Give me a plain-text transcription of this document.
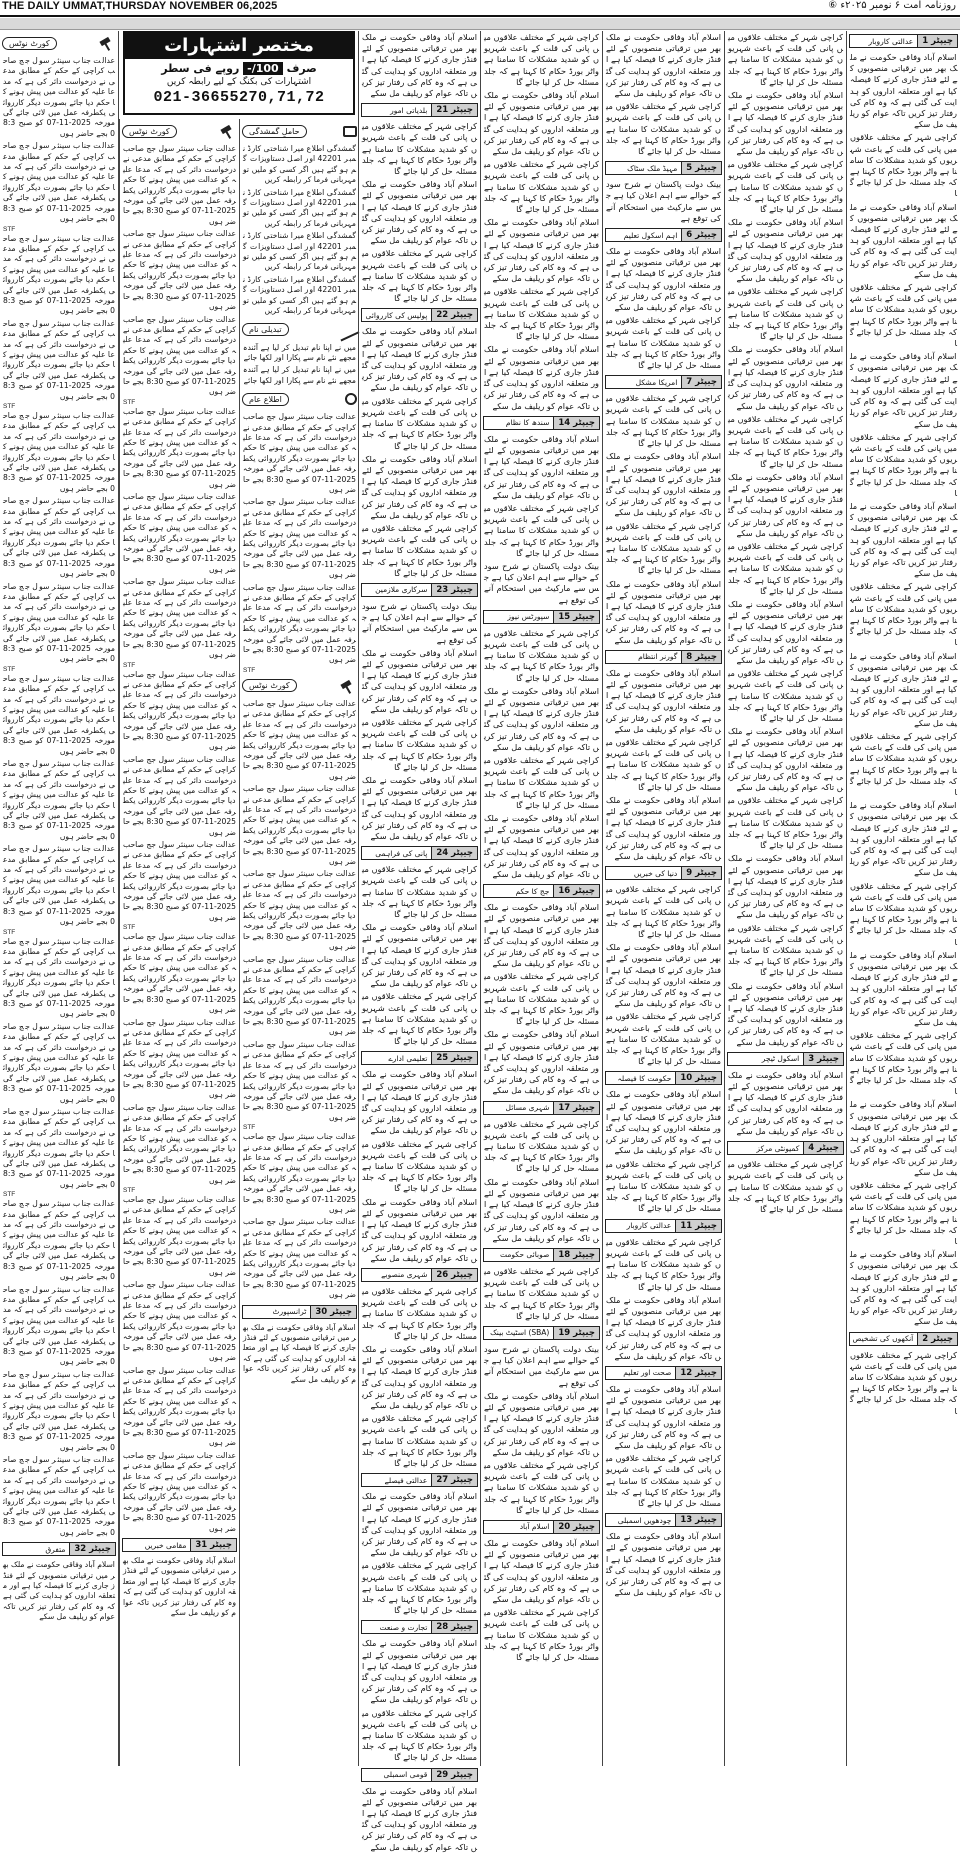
THE DAILY UMMAT,THURSDAY NOVEMBER 06,2025	روزنامہ امت ۶ نومبر ۲۰۲۵ء ⑥
کورٹ نوٹس
عدالت جناب سینئر سول جج صاحب کراچی کے حکم کے مطابق مدعی نے درخواست دائر کی ہے کہ مدعا علیہ کو عدالت میں پیش ہونے کا حکم دیا جائے بصورت دیگر کارروائی یکطرفہ عمل میں لائی جائے گی مورخہ 2025-11-07 کو صبح 8:30 بجے حاضر ہوں
عدالت جناب سینئر سول جج صاحب کراچی کے حکم کے مطابق مدعی نے درخواست دائر کی ہے کہ مدعا علیہ کو عدالت میں پیش ہونے کا حکم دیا جائے بصورت دیگر کارروائی یکطرفہ عمل میں لائی جائے گی مورخہ 2025-11-07 کو صبح 8:30 بجے حاضر ہوں
STF
عدالت جناب سینئر سول جج صاحب کراچی کے حکم کے مطابق مدعی نے درخواست دائر کی ہے کہ مدعا علیہ کو عدالت میں پیش ہونے کا حکم دیا جائے بصورت دیگر کارروائی یکطرفہ عمل میں لائی جائے گی مورخہ 2025-11-07 کو صبح 8:30 بجے حاضر ہوں
عدالت جناب سینئر سول جج صاحب کراچی کے حکم کے مطابق مدعی نے درخواست دائر کی ہے کہ مدعا علیہ کو عدالت میں پیش ہونے کا حکم دیا جائے بصورت دیگر کارروائی یکطرفہ عمل میں لائی جائے گی مورخہ 2025-11-07 کو صبح 8:30 بجے حاضر ہوں
STF
عدالت جناب سینئر سول جج صاحب کراچی کے حکم کے مطابق مدعی نے درخواست دائر کی ہے کہ مدعا علیہ کو عدالت میں پیش ہونے کا حکم دیا جائے بصورت دیگر کارروائی یکطرفہ عمل میں لائی جائے گی مورخہ 2025-11-07 کو صبح 8:30 بجے حاضر ہوں
عدالت جناب سینئر سول جج صاحب کراچی کے حکم کے مطابق مدعی نے درخواست دائر کی ہے کہ مدعا علیہ کو عدالت میں پیش ہونے کا حکم دیا جائے بصورت دیگر کارروائی یکطرفہ عمل میں لائی جائے گی مورخہ 2025-11-07 کو صبح 8:30 بجے حاضر ہوں
عدالت جناب سینئر سول جج صاحب کراچی کے حکم کے مطابق مدعی نے درخواست دائر کی ہے کہ مدعا علیہ کو عدالت میں پیش ہونے کا حکم دیا جائے بصورت دیگر کارروائی یکطرفہ عمل میں لائی جائے گی مورخہ 2025-11-07 کو صبح 8:30 بجے حاضر ہوں
STF
عدالت جناب سینئر سول جج صاحب کراچی کے حکم کے مطابق مدعی نے درخواست دائر کی ہے کہ مدعا علیہ کو عدالت میں پیش ہونے کا حکم دیا جائے بصورت دیگر کارروائی یکطرفہ عمل میں لائی جائے گی مورخہ 2025-11-07 کو صبح 8:30 بجے حاضر ہوں
عدالت جناب سینئر سول جج صاحب کراچی کے حکم کے مطابق مدعی نے درخواست دائر کی ہے کہ مدعا علیہ کو عدالت میں پیش ہونے کا حکم دیا جائے بصورت دیگر کارروائی یکطرفہ عمل میں لائی جائے گی مورخہ 2025-11-07 کو صبح 8:30 بجے حاضر ہوں
عدالت جناب سینئر سول جج صاحب کراچی کے حکم کے مطابق مدعی نے درخواست دائر کی ہے کہ مدعا علیہ کو عدالت میں پیش ہونے کا حکم دیا جائے بصورت دیگر کارروائی یکطرفہ عمل میں لائی جائے گی مورخہ 2025-11-07 کو صبح 8:30 بجے حاضر ہوں
STF
عدالت جناب سینئر سول جج صاحب کراچی کے حکم کے مطابق مدعی نے درخواست دائر کی ہے کہ مدعا علیہ کو عدالت میں پیش ہونے کا حکم دیا جائے بصورت دیگر کارروائی یکطرفہ عمل میں لائی جائے گی مورخہ 2025-11-07 کو صبح 8:30 بجے حاضر ہوں
عدالت جناب سینئر سول جج صاحب کراچی کے حکم کے مطابق مدعی نے درخواست دائر کی ہے کہ مدعا علیہ کو عدالت میں پیش ہونے کا حکم دیا جائے بصورت دیگر کارروائی یکطرفہ عمل میں لائی جائے گی مورخہ 2025-11-07 کو صبح 8:30 بجے حاضر ہوں
عدالت جناب سینئر سول جج صاحب کراچی کے حکم کے مطابق مدعی نے درخواست دائر کی ہے کہ مدعا علیہ کو عدالت میں پیش ہونے کا حکم دیا جائے بصورت دیگر کارروائی یکطرفہ عمل میں لائی جائے گی مورخہ 2025-11-07 کو صبح 8:30 بجے حاضر ہوں
STF
عدالت جناب سینئر سول جج صاحب کراچی کے حکم کے مطابق مدعی نے درخواست دائر کی ہے کہ مدعا علیہ کو عدالت میں پیش ہونے کا حکم دیا جائے بصورت دیگر کارروائی یکطرفہ عمل میں لائی جائے گی مورخہ 2025-11-07 کو صبح 8:30 بجے حاضر ہوں
عدالت جناب سینئر سول جج صاحب کراچی کے حکم کے مطابق مدعی نے درخواست دائر کی ہے کہ مدعا علیہ کو عدالت میں پیش ہونے کا حکم دیا جائے بصورت دیگر کارروائی یکطرفہ عمل میں لائی جائے گی مورخہ 2025-11-07 کو صبح 8:30 بجے حاضر ہوں
عدالت جناب سینئر سول جج صاحب کراچی کے حکم کے مطابق مدعی نے درخواست دائر کی ہے کہ مدعا علیہ کو عدالت میں پیش ہونے کا حکم دیا جائے بصورت دیگر کارروائی یکطرفہ عمل میں لائی جائے گی مورخہ 2025-11-07 کو صبح 8:30 بجے حاضر ہوں
عدالت جناب سینئر سول جج صاحب کراچی کے حکم کے مطابق مدعی نے درخواست دائر کی ہے کہ مدعا علیہ کو عدالت میں پیش ہونے کا حکم دیا جائے بصورت دیگر کارروائی یکطرفہ عمل میں لائی جائے گی مورخہ 2025-11-07 کو صبح 8:30 بجے حاضر ہوں
چیپٹر 32
متفرق
اسلام آباد وفاقی حکومت نے ملک بھر میں ترقیاتی منصوبوں کے لئے فنڈز جاری کرنے کا فیصلہ کیا ہے اور متعلقہ اداروں کو ہدایت کی گئی ہے کہ وہ کام کی رفتار تیز کریں تاکہ عوام کو ریلیف مل سکے
مختصر اشتہارات
صرف 100/- روپے فی سطر
اشتہارات کی بکنگ کے لیے رابطہ کریں
021-36655270,71,72
کورٹ نوٹس
عدالت جناب سینئر سول جج صاحب کراچی کے حکم کے مطابق مدعی نے درخواست دائر کی ہے کہ مدعا علیہ کو عدالت میں پیش ہونے کا حکم دیا جائے بصورت دیگر کارروائی یکطرفہ عمل میں لائی جائے گی مورخہ 2025-11-07 کو صبح 8:30 بجے حاضر ہوں
عدالت جناب سینئر سول جج صاحب کراچی کے حکم کے مطابق مدعی نے درخواست دائر کی ہے کہ مدعا علیہ کو عدالت میں پیش ہونے کا حکم دیا جائے بصورت دیگر کارروائی یکطرفہ عمل میں لائی جائے گی مورخہ 2025-11-07 کو صبح 8:30 بجے حاضر ہوں
عدالت جناب سینئر سول جج صاحب کراچی کے حکم کے مطابق مدعی نے درخواست دائر کی ہے کہ مدعا علیہ کو عدالت میں پیش ہونے کا حکم دیا جائے بصورت دیگر کارروائی یکطرفہ عمل میں لائی جائے گی مورخہ 2025-11-07 کو صبح 8:30 بجے حاضر ہوں
STF
عدالت جناب سینئر سول جج صاحب کراچی کے حکم کے مطابق مدعی نے درخواست دائر کی ہے کہ مدعا علیہ کو عدالت میں پیش ہونے کا حکم دیا جائے بصورت دیگر کارروائی یکطرفہ عمل میں لائی جائے گی مورخہ 2025-11-07 کو صبح 8:30 بجے حاضر ہوں
عدالت جناب سینئر سول جج صاحب کراچی کے حکم کے مطابق مدعی نے درخواست دائر کی ہے کہ مدعا علیہ کو عدالت میں پیش ہونے کا حکم دیا جائے بصورت دیگر کارروائی یکطرفہ عمل میں لائی جائے گی مورخہ 2025-11-07 کو صبح 8:30 بجے حاضر ہوں
عدالت جناب سینئر سول جج صاحب کراچی کے حکم کے مطابق مدعی نے درخواست دائر کی ہے کہ مدعا علیہ کو عدالت میں پیش ہونے کا حکم دیا جائے بصورت دیگر کارروائی یکطرفہ عمل میں لائی جائے گی مورخہ 2025-11-07 کو صبح 8:30 بجے حاضر ہوں
STF
عدالت جناب سینئر سول جج صاحب کراچی کے حکم کے مطابق مدعی نے درخواست دائر کی ہے کہ مدعا علیہ کو عدالت میں پیش ہونے کا حکم دیا جائے بصورت دیگر کارروائی یکطرفہ عمل میں لائی جائے گی مورخہ 2025-11-07 کو صبح 8:30 بجے حاضر ہوں
عدالت جناب سینئر سول جج صاحب کراچی کے حکم کے مطابق مدعی نے درخواست دائر کی ہے کہ مدعا علیہ کو عدالت میں پیش ہونے کا حکم دیا جائے بصورت دیگر کارروائی یکطرفہ عمل میں لائی جائے گی مورخہ 2025-11-07 کو صبح 8:30 بجے حاضر ہوں
عدالت جناب سینئر سول جج صاحب کراچی کے حکم کے مطابق مدعی نے درخواست دائر کی ہے کہ مدعا علیہ کو عدالت میں پیش ہونے کا حکم دیا جائے بصورت دیگر کارروائی یکطرفہ عمل میں لائی جائے گی مورخہ 2025-11-07 کو صبح 8:30 بجے حاضر ہوں
STF
عدالت جناب سینئر سول جج صاحب کراچی کے حکم کے مطابق مدعی نے درخواست دائر کی ہے کہ مدعا علیہ کو عدالت میں پیش ہونے کا حکم دیا جائے بصورت دیگر کارروائی یکطرفہ عمل میں لائی جائے گی مورخہ 2025-11-07 کو صبح 8:30 بجے حاضر ہوں
عدالت جناب سینئر سول جج صاحب کراچی کے حکم کے مطابق مدعی نے درخواست دائر کی ہے کہ مدعا علیہ کو عدالت میں پیش ہونے کا حکم دیا جائے بصورت دیگر کارروائی یکطرفہ عمل میں لائی جائے گی مورخہ 2025-11-07 کو صبح 8:30 بجے حاضر ہوں
عدالت جناب سینئر سول جج صاحب کراچی کے حکم کے مطابق مدعی نے درخواست دائر کی ہے کہ مدعا علیہ کو عدالت میں پیش ہونے کا حکم دیا جائے بصورت دیگر کارروائی یکطرفہ عمل میں لائی جائے گی مورخہ 2025-11-07 کو صبح 8:30 بجے حاضر ہوں
STF
عدالت جناب سینئر سول جج صاحب کراچی کے حکم کے مطابق مدعی نے درخواست دائر کی ہے کہ مدعا علیہ کو عدالت میں پیش ہونے کا حکم دیا جائے بصورت دیگر کارروائی یکطرفہ عمل میں لائی جائے گی مورخہ 2025-11-07 کو صبح 8:30 بجے حاضر ہوں
عدالت جناب سینئر سول جج صاحب کراچی کے حکم کے مطابق مدعی نے درخواست دائر کی ہے کہ مدعا علیہ کو عدالت میں پیش ہونے کا حکم دیا جائے بصورت دیگر کارروائی یکطرفہ عمل میں لائی جائے گی مورخہ 2025-11-07 کو صبح 8:30 بجے حاضر ہوں
عدالت جناب سینئر سول جج صاحب کراچی کے حکم کے مطابق مدعی نے درخواست دائر کی ہے کہ مدعا علیہ کو عدالت میں پیش ہونے کا حکم دیا جائے بصورت دیگر کارروائی یکطرفہ عمل میں لائی جائے گی مورخہ 2025-11-07 کو صبح 8:30 بجے حاضر ہوں
عدالت جناب سینئر سول جج صاحب کراچی کے حکم کے مطابق مدعی نے درخواست دائر کی ہے کہ مدعا علیہ کو عدالت میں پیش ہونے کا حکم دیا جائے بصورت دیگر کارروائی یکطرفہ عمل میں لائی جائے گی مورخہ 2025-11-07 کو صبح 8:30 بجے حاضر ہوں
چیپٹر 31
مقامی خبریں
اسلام آباد وفاقی حکومت نے ملک بھر میں ترقیاتی منصوبوں کے لئے فنڈز جاری کرنے کا فیصلہ کیا ہے اور متعلقہ اداروں کو ہدایت کی گئی ہے کہ وہ کام کی رفتار تیز کریں تاکہ عوام کو ریلیف مل سکے
حاملِ گمشدگی
گمشدگی اطلاع میرا شناختی کارڈ نمبر 42201 اور اصل دستاویزات گم ہو گئے ہیں اگر کسی کو ملیں تو مہربانی فرما کر رابطہ کریں
گمشدگی اطلاع میرا شناختی کارڈ نمبر 42201 اور اصل دستاویزات گم ہو گئے ہیں اگر کسی کو ملیں تو مہربانی فرما کر رابطہ کریں
گمشدگی اطلاع میرا شناختی کارڈ نمبر 42201 اور اصل دستاویزات گم ہو گئے ہیں اگر کسی کو ملیں تو مہربانی فرما کر رابطہ کریں
گمشدگی اطلاع میرا شناختی کارڈ نمبر 42201 اور اصل دستاویزات گم ہو گئے ہیں اگر کسی کو ملیں تو مہربانی فرما کر رابطہ کریں
تبدیلی نام
میں نے اپنا نام تبدیل کر لیا ہے آئندہ مجھے نئے نام سے پکارا اور لکھا جائے
میں نے اپنا نام تبدیل کر لیا ہے آئندہ مجھے نئے نام سے پکارا اور لکھا جائے
اطلاع عام
عدالت جناب سینئر سول جج صاحب کراچی کے حکم کے مطابق مدعی نے درخواست دائر کی ہے کہ مدعا علیہ کو عدالت میں پیش ہونے کا حکم دیا جائے بصورت دیگر کارروائی یکطرفہ عمل میں لائی جائے گی مورخہ 2025-11-07 کو صبح 8:30 بجے حاضر ہوں
عدالت جناب سینئر سول جج صاحب کراچی کے حکم کے مطابق مدعی نے درخواست دائر کی ہے کہ مدعا علیہ کو عدالت میں پیش ہونے کا حکم دیا جائے بصورت دیگر کارروائی یکطرفہ عمل میں لائی جائے گی مورخہ 2025-11-07 کو صبح 8:30 بجے حاضر ہوں
عدالت جناب سینئر سول جج صاحب کراچی کے حکم کے مطابق مدعی نے درخواست دائر کی ہے کہ مدعا علیہ کو عدالت میں پیش ہونے کا حکم دیا جائے بصورت دیگر کارروائی یکطرفہ عمل میں لائی جائے گی مورخہ 2025-11-07 کو صبح 8:30 بجے حاضر ہوں
STF
کورٹ نوٹس
عدالت جناب سینئر سول جج صاحب کراچی کے حکم کے مطابق مدعی نے درخواست دائر کی ہے کہ مدعا علیہ کو عدالت میں پیش ہونے کا حکم دیا جائے بصورت دیگر کارروائی یکطرفہ عمل میں لائی جائے گی مورخہ 2025-11-07 کو صبح 8:30 بجے حاضر ہوں
عدالت جناب سینئر سول جج صاحب کراچی کے حکم کے مطابق مدعی نے درخواست دائر کی ہے کہ مدعا علیہ کو عدالت میں پیش ہونے کا حکم دیا جائے بصورت دیگر کارروائی یکطرفہ عمل میں لائی جائے گی مورخہ 2025-11-07 کو صبح 8:30 بجے حاضر ہوں
عدالت جناب سینئر سول جج صاحب کراچی کے حکم کے مطابق مدعی نے درخواست دائر کی ہے کہ مدعا علیہ کو عدالت میں پیش ہونے کا حکم دیا جائے بصورت دیگر کارروائی یکطرفہ عمل میں لائی جائے گی مورخہ 2025-11-07 کو صبح 8:30 بجے حاضر ہوں
عدالت جناب سینئر سول جج صاحب کراچی کے حکم کے مطابق مدعی نے درخواست دائر کی ہے کہ مدعا علیہ کو عدالت میں پیش ہونے کا حکم دیا جائے بصورت دیگر کارروائی یکطرفہ عمل میں لائی جائے گی مورخہ 2025-11-07 کو صبح 8:30 بجے حاضر ہوں
عدالت جناب سینئر سول جج صاحب کراچی کے حکم کے مطابق مدعی نے درخواست دائر کی ہے کہ مدعا علیہ کو عدالت میں پیش ہونے کا حکم دیا جائے بصورت دیگر کارروائی یکطرفہ عمل میں لائی جائے گی مورخہ 2025-11-07 کو صبح 8:30 بجے حاضر ہوں
STF
عدالت جناب سینئر سول جج صاحب کراچی کے حکم کے مطابق مدعی نے درخواست دائر کی ہے کہ مدعا علیہ کو عدالت میں پیش ہونے کا حکم دیا جائے بصورت دیگر کارروائی یکطرفہ عمل میں لائی جائے گی مورخہ 2025-11-07 کو صبح 8:30 بجے حاضر ہوں
عدالت جناب سینئر سول جج صاحب کراچی کے حکم کے مطابق مدعی نے درخواست دائر کی ہے کہ مدعا علیہ کو عدالت میں پیش ہونے کا حکم دیا جائے بصورت دیگر کارروائی یکطرفہ عمل میں لائی جائے گی مورخہ 2025-11-07 کو صبح 8:30 بجے حاضر ہوں
چیپٹر 30
ٹرانسپورٹ
اسلام آباد وفاقی حکومت نے ملک بھر میں ترقیاتی منصوبوں کے لئے فنڈز جاری کرنے کا فیصلہ کیا ہے اور متعلقہ اداروں کو ہدایت کی گئی ہے کہ وہ کام کی رفتار تیز کریں تاکہ عوام کو ریلیف مل سکے
اسلام آباد وفاقی حکومت نے ملک بھر میں ترقیاتی منصوبوں کے لئے فنڈز جاری کرنے کا فیصلہ کیا ہے اور متعلقہ اداروں کو ہدایت کی گئی ہے کہ وہ کام کی رفتار تیز کریں تاکہ عوام کو ریلیف مل سکے
چیپٹر 21
بلدیاتی امور
کراچی شہر کے مختلف علاقوں میں پانی کی قلت کے باعث شہریوں کو شدید مشکلات کا سامنا ہے واٹر بورڈ حکام کا کہنا ہے کہ جلد مسئلہ حل کر لیا جائے گا
اسلام آباد وفاقی حکومت نے ملک بھر میں ترقیاتی منصوبوں کے لئے فنڈز جاری کرنے کا فیصلہ کیا ہے اور متعلقہ اداروں کو ہدایت کی گئی ہے کہ وہ کام کی رفتار تیز کریں تاکہ عوام کو ریلیف مل سکے
کراچی شہر کے مختلف علاقوں میں پانی کی قلت کے باعث شہریوں کو شدید مشکلات کا سامنا ہے واٹر بورڈ حکام کا کہنا ہے کہ جلد مسئلہ حل کر لیا جائے گا
چیپٹر 22
پولیس کی کارروائی
اسلام آباد وفاقی حکومت نے ملک بھر میں ترقیاتی منصوبوں کے لئے فنڈز جاری کرنے کا فیصلہ کیا ہے اور متعلقہ اداروں کو ہدایت کی گئی ہے کہ وہ کام کی رفتار تیز کریں تاکہ عوام کو ریلیف مل سکے
کراچی شہر کے مختلف علاقوں میں پانی کی قلت کے باعث شہریوں کو شدید مشکلات کا سامنا ہے واٹر بورڈ حکام کا کہنا ہے کہ جلد مسئلہ حل کر لیا جائے گا
اسلام آباد وفاقی حکومت نے ملک بھر میں ترقیاتی منصوبوں کے لئے فنڈز جاری کرنے کا فیصلہ کیا ہے اور متعلقہ اداروں کو ہدایت کی گئی ہے کہ وہ کام کی رفتار تیز کریں تاکہ عوام کو ریلیف مل سکے
کراچی شہر کے مختلف علاقوں میں پانی کی قلت کے باعث شہریوں کو شدید مشکلات کا سامنا ہے واٹر بورڈ حکام کا کہنا ہے کہ جلد مسئلہ حل کر لیا جائے گا
چیپٹر 23
سرکاری ملازمین
بینک دولت پاکستان نے شرح سود کے حوالے سے اہم اعلان کیا ہے جس سے مارکیٹ میں استحکام آنے کی توقع ہے
اسلام آباد وفاقی حکومت نے ملک بھر میں ترقیاتی منصوبوں کے لئے فنڈز جاری کرنے کا فیصلہ کیا ہے اور متعلقہ اداروں کو ہدایت کی گئی ہے کہ وہ کام کی رفتار تیز کریں تاکہ عوام کو ریلیف مل سکے
کراچی شہر کے مختلف علاقوں میں پانی کی قلت کے باعث شہریوں کو شدید مشکلات کا سامنا ہے واٹر بورڈ حکام کا کہنا ہے کہ جلد مسئلہ حل کر لیا جائے گا
اسلام آباد وفاقی حکومت نے ملک بھر میں ترقیاتی منصوبوں کے لئے فنڈز جاری کرنے کا فیصلہ کیا ہے اور متعلقہ اداروں کو ہدایت کی گئی ہے کہ وہ کام کی رفتار تیز کریں تاکہ عوام کو ریلیف مل سکے
چیپٹر 24
پانی کی فراہمی
کراچی شہر کے مختلف علاقوں میں پانی کی قلت کے باعث شہریوں کو شدید مشکلات کا سامنا ہے واٹر بورڈ حکام کا کہنا ہے کہ جلد مسئلہ حل کر لیا جائے گا
اسلام آباد وفاقی حکومت نے ملک بھر میں ترقیاتی منصوبوں کے لئے فنڈز جاری کرنے کا فیصلہ کیا ہے اور متعلقہ اداروں کو ہدایت کی گئی ہے کہ وہ کام کی رفتار تیز کریں تاکہ عوام کو ریلیف مل سکے
کراچی شہر کے مختلف علاقوں میں پانی کی قلت کے باعث شہریوں کو شدید مشکلات کا سامنا ہے واٹر بورڈ حکام کا کہنا ہے کہ جلد مسئلہ حل کر لیا جائے گا
چیپٹر 25
تعلیمی ادارے
اسلام آباد وفاقی حکومت نے ملک بھر میں ترقیاتی منصوبوں کے لئے فنڈز جاری کرنے کا فیصلہ کیا ہے اور متعلقہ اداروں کو ہدایت کی گئی ہے کہ وہ کام کی رفتار تیز کریں تاکہ عوام کو ریلیف مل سکے
کراچی شہر کے مختلف علاقوں میں پانی کی قلت کے باعث شہریوں کو شدید مشکلات کا سامنا ہے واٹر بورڈ حکام کا کہنا ہے کہ جلد مسئلہ حل کر لیا جائے گا
اسلام آباد وفاقی حکومت نے ملک بھر میں ترقیاتی منصوبوں کے لئے فنڈز جاری کرنے کا فیصلہ کیا ہے اور متعلقہ اداروں کو ہدایت کی گئی ہے کہ وہ کام کی رفتار تیز کریں تاکہ عوام کو ریلیف مل سکے
چیپٹر 26
شہری منصوبے
کراچی شہر کے مختلف علاقوں میں پانی کی قلت کے باعث شہریوں کو شدید مشکلات کا سامنا ہے واٹر بورڈ حکام کا کہنا ہے کہ جلد مسئلہ حل کر لیا جائے گا
اسلام آباد وفاقی حکومت نے ملک بھر میں ترقیاتی منصوبوں کے لئے فنڈز جاری کرنے کا فیصلہ کیا ہے اور متعلقہ اداروں کو ہدایت کی گئی ہے کہ وہ کام کی رفتار تیز کریں تاکہ عوام کو ریلیف مل سکے
کراچی شہر کے مختلف علاقوں میں پانی کی قلت کے باعث شہریوں کو شدید مشکلات کا سامنا ہے واٹر بورڈ حکام کا کہنا ہے کہ جلد مسئلہ حل کر لیا جائے گا
چیپٹر 27
عدالتی فیصلے
اسلام آباد وفاقی حکومت نے ملک بھر میں ترقیاتی منصوبوں کے لئے فنڈز جاری کرنے کا فیصلہ کیا ہے اور متعلقہ اداروں کو ہدایت کی گئی ہے کہ وہ کام کی رفتار تیز کریں تاکہ عوام کو ریلیف مل سکے
کراچی شہر کے مختلف علاقوں میں پانی کی قلت کے باعث شہریوں کو شدید مشکلات کا سامنا ہے واٹر بورڈ حکام کا کہنا ہے کہ جلد مسئلہ حل کر لیا جائے گا
چیپٹر 28
تجارت و صنعت
اسلام آباد وفاقی حکومت نے ملک بھر میں ترقیاتی منصوبوں کے لئے فنڈز جاری کرنے کا فیصلہ کیا ہے اور متعلقہ اداروں کو ہدایت کی گئی ہے کہ وہ کام کی رفتار تیز کریں تاکہ عوام کو ریلیف مل سکے
کراچی شہر کے مختلف علاقوں میں پانی کی قلت کے باعث شہریوں کو شدید مشکلات کا سامنا ہے واٹر بورڈ حکام کا کہنا ہے کہ جلد مسئلہ حل کر لیا جائے گا
چیپٹر 29
قومی اسمبلی
اسلام آباد وفاقی حکومت نے ملک بھر میں ترقیاتی منصوبوں کے لئے فنڈز جاری کرنے کا فیصلہ کیا ہے اور متعلقہ اداروں کو ہدایت کی گئی ہے کہ وہ کام کی رفتار تیز کریں تاکہ عوام کو ریلیف مل سکے
کراچی شہر کے مختلف علاقوں میں پانی کی قلت کے باعث شہریوں کو شدید مشکلات کا سامنا ہے واٹر بورڈ حکام کا کہنا ہے کہ جلد مسئلہ حل کر لیا جائے گا
اسلام آباد وفاقی حکومت نے ملک بھر میں ترقیاتی منصوبوں کے لئے فنڈز جاری کرنے کا فیصلہ کیا ہے اور متعلقہ اداروں کو ہدایت کی گئی ہے کہ وہ کام کی رفتار تیز کریں تاکہ عوام کو ریلیف مل سکے
کراچی شہر کے مختلف علاقوں میں پانی کی قلت کے باعث شہریوں کو شدید مشکلات کا سامنا ہے واٹر بورڈ حکام کا کہنا ہے کہ جلد مسئلہ حل کر لیا جائے گا
اسلام آباد وفاقی حکومت نے ملک بھر میں ترقیاتی منصوبوں کے لئے فنڈز جاری کرنے کا فیصلہ کیا ہے اور متعلقہ اداروں کو ہدایت کی گئی ہے کہ وہ کام کی رفتار تیز کریں تاکہ عوام کو ریلیف مل سکے
کراچی شہر کے مختلف علاقوں میں پانی کی قلت کے باعث شہریوں کو شدید مشکلات کا سامنا ہے واٹر بورڈ حکام کا کہنا ہے کہ جلد مسئلہ حل کر لیا جائے گا
اسلام آباد وفاقی حکومت نے ملک بھر میں ترقیاتی منصوبوں کے لئے فنڈز جاری کرنے کا فیصلہ کیا ہے اور متعلقہ اداروں کو ہدایت کی گئی ہے کہ وہ کام کی رفتار تیز کریں تاکہ عوام کو ریلیف مل سکے
چیپٹر 14
سندھ کا نظام
اسلام آباد وفاقی حکومت نے ملک بھر میں ترقیاتی منصوبوں کے لئے فنڈز جاری کرنے کا فیصلہ کیا ہے اور متعلقہ اداروں کو ہدایت کی گئی ہے کہ وہ کام کی رفتار تیز کریں تاکہ عوام کو ریلیف مل سکے
کراچی شہر کے مختلف علاقوں میں پانی کی قلت کے باعث شہریوں کو شدید مشکلات کا سامنا ہے واٹر بورڈ حکام کا کہنا ہے کہ جلد مسئلہ حل کر لیا جائے گا
بینک دولت پاکستان نے شرح سود کے حوالے سے اہم اعلان کیا ہے جس سے مارکیٹ میں استحکام آنے کی توقع ہے
چیپٹر 15
سپورٹس نیوز
کراچی شہر کے مختلف علاقوں میں پانی کی قلت کے باعث شہریوں کو شدید مشکلات کا سامنا ہے واٹر بورڈ حکام کا کہنا ہے کہ جلد مسئلہ حل کر لیا جائے گا
اسلام آباد وفاقی حکومت نے ملک بھر میں ترقیاتی منصوبوں کے لئے فنڈز جاری کرنے کا فیصلہ کیا ہے اور متعلقہ اداروں کو ہدایت کی گئی ہے کہ وہ کام کی رفتار تیز کریں تاکہ عوام کو ریلیف مل سکے
کراچی شہر کے مختلف علاقوں میں پانی کی قلت کے باعث شہریوں کو شدید مشکلات کا سامنا ہے واٹر بورڈ حکام کا کہنا ہے کہ جلد مسئلہ حل کر لیا جائے گا
اسلام آباد وفاقی حکومت نے ملک بھر میں ترقیاتی منصوبوں کے لئے فنڈز جاری کرنے کا فیصلہ کیا ہے اور متعلقہ اداروں کو ہدایت کی گئی ہے کہ وہ کام کی رفتار تیز کریں تاکہ عوام کو ریلیف مل سکے
چیپٹر 16
جج کا حکم
اسلام آباد وفاقی حکومت نے ملک بھر میں ترقیاتی منصوبوں کے لئے فنڈز جاری کرنے کا فیصلہ کیا ہے اور متعلقہ اداروں کو ہدایت کی گئی ہے کہ وہ کام کی رفتار تیز کریں تاکہ عوام کو ریلیف مل سکے
کراچی شہر کے مختلف علاقوں میں پانی کی قلت کے باعث شہریوں کو شدید مشکلات کا سامنا ہے واٹر بورڈ حکام کا کہنا ہے کہ جلد مسئلہ حل کر لیا جائے گا
اسلام آباد وفاقی حکومت نے ملک بھر میں ترقیاتی منصوبوں کے لئے فنڈز جاری کرنے کا فیصلہ کیا ہے اور متعلقہ اداروں کو ہدایت کی گئی ہے کہ وہ کام کی رفتار تیز کریں تاکہ عوام کو ریلیف مل سکے
چیپٹر 17
شہری مسائل
کراچی شہر کے مختلف علاقوں میں پانی کی قلت کے باعث شہریوں کو شدید مشکلات کا سامنا ہے واٹر بورڈ حکام کا کہنا ہے کہ جلد مسئلہ حل کر لیا جائے گا
اسلام آباد وفاقی حکومت نے ملک بھر میں ترقیاتی منصوبوں کے لئے فنڈز جاری کرنے کا فیصلہ کیا ہے اور متعلقہ اداروں کو ہدایت کی گئی ہے کہ وہ کام کی رفتار تیز کریں تاکہ عوام کو ریلیف مل سکے
چیپٹر 18
صوبائی حکومت
کراچی شہر کے مختلف علاقوں میں پانی کی قلت کے باعث شہریوں کو شدید مشکلات کا سامنا ہے واٹر بورڈ حکام کا کہنا ہے کہ جلد مسئلہ حل کر لیا جائے گا
چیپٹر 19
(SBA) اسٹیٹ بینک
بینک دولت پاکستان نے شرح سود کے حوالے سے اہم اعلان کیا ہے جس سے مارکیٹ میں استحکام آنے کی توقع ہے
اسلام آباد وفاقی حکومت نے ملک بھر میں ترقیاتی منصوبوں کے لئے فنڈز جاری کرنے کا فیصلہ کیا ہے اور متعلقہ اداروں کو ہدایت کی گئی ہے کہ وہ کام کی رفتار تیز کریں تاکہ عوام کو ریلیف مل سکے
کراچی شہر کے مختلف علاقوں میں پانی کی قلت کے باعث شہریوں کو شدید مشکلات کا سامنا ہے واٹر بورڈ حکام کا کہنا ہے کہ جلد مسئلہ حل کر لیا جائے گا
چیپٹر 20
اسلام آباد
اسلام آباد وفاقی حکومت نے ملک بھر میں ترقیاتی منصوبوں کے لئے فنڈز جاری کرنے کا فیصلہ کیا ہے اور متعلقہ اداروں کو ہدایت کی گئی ہے کہ وہ کام کی رفتار تیز کریں تاکہ عوام کو ریلیف مل سکے
کراچی شہر کے مختلف علاقوں میں پانی کی قلت کے باعث شہریوں کو شدید مشکلات کا سامنا ہے واٹر بورڈ حکام کا کہنا ہے کہ جلد مسئلہ حل کر لیا جائے گا
اسلام آباد وفاقی حکومت نے ملک بھر میں ترقیاتی منصوبوں کے لئے فنڈز جاری کرنے کا فیصلہ کیا ہے اور متعلقہ اداروں کو ہدایت کی گئی ہے کہ وہ کام کی رفتار تیز کریں تاکہ عوام کو ریلیف مل سکے
کراچی شہر کے مختلف علاقوں میں پانی کی قلت کے باعث شہریوں کو شدید مشکلات کا سامنا ہے واٹر بورڈ حکام کا کہنا ہے کہ جلد مسئلہ حل کر لیا جائے گا
چیپٹر 5
مہیڈ ملک سٹاک
بینک دولت پاکستان نے شرح سود کے حوالے سے اہم اعلان کیا ہے جس سے مارکیٹ میں استحکام آنے کی توقع ہے
چیپٹر 6
اہم اسکول تعلیم
اسلام آباد وفاقی حکومت نے ملک بھر میں ترقیاتی منصوبوں کے لئے فنڈز جاری کرنے کا فیصلہ کیا ہے اور متعلقہ اداروں کو ہدایت کی گئی ہے کہ وہ کام کی رفتار تیز کریں تاکہ عوام کو ریلیف مل سکے
کراچی شہر کے مختلف علاقوں میں پانی کی قلت کے باعث شہریوں کو شدید مشکلات کا سامنا ہے واٹر بورڈ حکام کا کہنا ہے کہ جلد مسئلہ حل کر لیا جائے گا
چیپٹر 7
امریکا مشکل
کراچی شہر کے مختلف علاقوں میں پانی کی قلت کے باعث شہریوں کو شدید مشکلات کا سامنا ہے واٹر بورڈ حکام کا کہنا ہے کہ جلد مسئلہ حل کر لیا جائے گا
اسلام آباد وفاقی حکومت نے ملک بھر میں ترقیاتی منصوبوں کے لئے فنڈز جاری کرنے کا فیصلہ کیا ہے اور متعلقہ اداروں کو ہدایت کی گئی ہے کہ وہ کام کی رفتار تیز کریں تاکہ عوام کو ریلیف مل سکے
کراچی شہر کے مختلف علاقوں میں پانی کی قلت کے باعث شہریوں کو شدید مشکلات کا سامنا ہے واٹر بورڈ حکام کا کہنا ہے کہ جلد مسئلہ حل کر لیا جائے گا
اسلام آباد وفاقی حکومت نے ملک بھر میں ترقیاتی منصوبوں کے لئے فنڈز جاری کرنے کا فیصلہ کیا ہے اور متعلقہ اداروں کو ہدایت کی گئی ہے کہ وہ کام کی رفتار تیز کریں تاکہ عوام کو ریلیف مل سکے
چیپٹر 8
گورنر انتظام
اسلام آباد وفاقی حکومت نے ملک بھر میں ترقیاتی منصوبوں کے لئے فنڈز جاری کرنے کا فیصلہ کیا ہے اور متعلقہ اداروں کو ہدایت کی گئی ہے کہ وہ کام کی رفتار تیز کریں تاکہ عوام کو ریلیف مل سکے
کراچی شہر کے مختلف علاقوں میں پانی کی قلت کے باعث شہریوں کو شدید مشکلات کا سامنا ہے واٹر بورڈ حکام کا کہنا ہے کہ جلد مسئلہ حل کر لیا جائے گا
اسلام آباد وفاقی حکومت نے ملک بھر میں ترقیاتی منصوبوں کے لئے فنڈز جاری کرنے کا فیصلہ کیا ہے اور متعلقہ اداروں کو ہدایت کی گئی ہے کہ وہ کام کی رفتار تیز کریں تاکہ عوام کو ریلیف مل سکے
چیپٹر 9
دنیا کی خبریں
کراچی شہر کے مختلف علاقوں میں پانی کی قلت کے باعث شہریوں کو شدید مشکلات کا سامنا ہے واٹر بورڈ حکام کا کہنا ہے کہ جلد مسئلہ حل کر لیا جائے گا
اسلام آباد وفاقی حکومت نے ملک بھر میں ترقیاتی منصوبوں کے لئے فنڈز جاری کرنے کا فیصلہ کیا ہے اور متعلقہ اداروں کو ہدایت کی گئی ہے کہ وہ کام کی رفتار تیز کریں تاکہ عوام کو ریلیف مل سکے
کراچی شہر کے مختلف علاقوں میں پانی کی قلت کے باعث شہریوں کو شدید مشکلات کا سامنا ہے واٹر بورڈ حکام کا کہنا ہے کہ جلد مسئلہ حل کر لیا جائے گا
چیپٹر 10
حکومت کا فیصلہ
اسلام آباد وفاقی حکومت نے ملک بھر میں ترقیاتی منصوبوں کے لئے فنڈز جاری کرنے کا فیصلہ کیا ہے اور متعلقہ اداروں کو ہدایت کی گئی ہے کہ وہ کام کی رفتار تیز کریں تاکہ عوام کو ریلیف مل سکے
کراچی شہر کے مختلف علاقوں میں پانی کی قلت کے باعث شہریوں کو شدید مشکلات کا سامنا ہے واٹر بورڈ حکام کا کہنا ہے کہ جلد مسئلہ حل کر لیا جائے گا
چیپٹر 11
عدالتی کاروبار
کراچی شہر کے مختلف علاقوں میں پانی کی قلت کے باعث شہریوں کو شدید مشکلات کا سامنا ہے واٹر بورڈ حکام کا کہنا ہے کہ جلد مسئلہ حل کر لیا جائے گا
اسلام آباد وفاقی حکومت نے ملک بھر میں ترقیاتی منصوبوں کے لئے فنڈز جاری کرنے کا فیصلہ کیا ہے اور متعلقہ اداروں کو ہدایت کی گئی ہے کہ وہ کام کی رفتار تیز کریں تاکہ عوام کو ریلیف مل سکے
چیپٹر 12
صحت اور تعلیم
اسلام آباد وفاقی حکومت نے ملک بھر میں ترقیاتی منصوبوں کے لئے فنڈز جاری کرنے کا فیصلہ کیا ہے اور متعلقہ اداروں کو ہدایت کی گئی ہے کہ وہ کام کی رفتار تیز کریں تاکہ عوام کو ریلیف مل سکے
کراچی شہر کے مختلف علاقوں میں پانی کی قلت کے باعث شہریوں کو شدید مشکلات کا سامنا ہے واٹر بورڈ حکام کا کہنا ہے کہ جلد مسئلہ حل کر لیا جائے گا
چیپٹر 13
چودھویں اسمبلی
اسلام آباد وفاقی حکومت نے ملک بھر میں ترقیاتی منصوبوں کے لئے فنڈز جاری کرنے کا فیصلہ کیا ہے اور متعلقہ اداروں کو ہدایت کی گئی ہے کہ وہ کام کی رفتار تیز کریں تاکہ عوام کو ریلیف مل سکے
کراچی شہر کے مختلف علاقوں میں پانی کی قلت کے باعث شہریوں کو شدید مشکلات کا سامنا ہے واٹر بورڈ حکام کا کہنا ہے کہ جلد مسئلہ حل کر لیا جائے گا
اسلام آباد وفاقی حکومت نے ملک بھر میں ترقیاتی منصوبوں کے لئے فنڈز جاری کرنے کا فیصلہ کیا ہے اور متعلقہ اداروں کو ہدایت کی گئی ہے کہ وہ کام کی رفتار تیز کریں تاکہ عوام کو ریلیف مل سکے
کراچی شہر کے مختلف علاقوں میں پانی کی قلت کے باعث شہریوں کو شدید مشکلات کا سامنا ہے واٹر بورڈ حکام کا کہنا ہے کہ جلد مسئلہ حل کر لیا جائے گا
اسلام آباد وفاقی حکومت نے ملک بھر میں ترقیاتی منصوبوں کے لئے فنڈز جاری کرنے کا فیصلہ کیا ہے اور متعلقہ اداروں کو ہدایت کی گئی ہے کہ وہ کام کی رفتار تیز کریں تاکہ عوام کو ریلیف مل سکے
کراچی شہر کے مختلف علاقوں میں پانی کی قلت کے باعث شہریوں کو شدید مشکلات کا سامنا ہے واٹر بورڈ حکام کا کہنا ہے کہ جلد مسئلہ حل کر لیا جائے گا
اسلام آباد وفاقی حکومت نے ملک بھر میں ترقیاتی منصوبوں کے لئے فنڈز جاری کرنے کا فیصلہ کیا ہے اور متعلقہ اداروں کو ہدایت کی گئی ہے کہ وہ کام کی رفتار تیز کریں تاکہ عوام کو ریلیف مل سکے
کراچی شہر کے مختلف علاقوں میں پانی کی قلت کے باعث شہریوں کو شدید مشکلات کا سامنا ہے واٹر بورڈ حکام کا کہنا ہے کہ جلد مسئلہ حل کر لیا جائے گا
اسلام آباد وفاقی حکومت نے ملک بھر میں ترقیاتی منصوبوں کے لئے فنڈز جاری کرنے کا فیصلہ کیا ہے اور متعلقہ اداروں کو ہدایت کی گئی ہے کہ وہ کام کی رفتار تیز کریں تاکہ عوام کو ریلیف مل سکے
کراچی شہر کے مختلف علاقوں میں پانی کی قلت کے باعث شہریوں کو شدید مشکلات کا سامنا ہے واٹر بورڈ حکام کا کہنا ہے کہ جلد مسئلہ حل کر لیا جائے گا
اسلام آباد وفاقی حکومت نے ملک بھر میں ترقیاتی منصوبوں کے لئے فنڈز جاری کرنے کا فیصلہ کیا ہے اور متعلقہ اداروں کو ہدایت کی گئی ہے کہ وہ کام کی رفتار تیز کریں تاکہ عوام کو ریلیف مل سکے
کراچی شہر کے مختلف علاقوں میں پانی کی قلت کے باعث شہریوں کو شدید مشکلات کا سامنا ہے واٹر بورڈ حکام کا کہنا ہے کہ جلد مسئلہ حل کر لیا جائے گا
اسلام آباد وفاقی حکومت نے ملک بھر میں ترقیاتی منصوبوں کے لئے فنڈز جاری کرنے کا فیصلہ کیا ہے اور متعلقہ اداروں کو ہدایت کی گئی ہے کہ وہ کام کی رفتار تیز کریں تاکہ عوام کو ریلیف مل سکے
کراچی شہر کے مختلف علاقوں میں پانی کی قلت کے باعث شہریوں کو شدید مشکلات کا سامنا ہے واٹر بورڈ حکام کا کہنا ہے کہ جلد مسئلہ حل کر لیا جائے گا
اسلام آباد وفاقی حکومت نے ملک بھر میں ترقیاتی منصوبوں کے لئے فنڈز جاری کرنے کا فیصلہ کیا ہے اور متعلقہ اداروں کو ہدایت کی گئی ہے کہ وہ کام کی رفتار تیز کریں تاکہ عوام کو ریلیف مل سکے
کراچی شہر کے مختلف علاقوں میں پانی کی قلت کے باعث شہریوں کو شدید مشکلات کا سامنا ہے واٹر بورڈ حکام کا کہنا ہے کہ جلد مسئلہ حل کر لیا جائے گا
اسلام آباد وفاقی حکومت نے ملک بھر میں ترقیاتی منصوبوں کے لئے فنڈز جاری کرنے کا فیصلہ کیا ہے اور متعلقہ اداروں کو ہدایت کی گئی ہے کہ وہ کام کی رفتار تیز کریں تاکہ عوام کو ریلیف مل سکے
چیپٹر 3
اسکول ٹیچر
اسلام آباد وفاقی حکومت نے ملک بھر میں ترقیاتی منصوبوں کے لئے فنڈز جاری کرنے کا فیصلہ کیا ہے اور متعلقہ اداروں کو ہدایت کی گئی ہے کہ وہ کام کی رفتار تیز کریں تاکہ عوام کو ریلیف مل سکے
چیپٹر 4
کمیونٹی مرکز
کراچی شہر کے مختلف علاقوں میں پانی کی قلت کے باعث شہریوں کو شدید مشکلات کا سامنا ہے واٹر بورڈ حکام کا کہنا ہے کہ جلد مسئلہ حل کر لیا جائے گا
چیپٹر 1
عدالتی کاروبار
اسلام آباد وفاقی حکومت نے ملک بھر میں ترقیاتی منصوبوں کے لئے فنڈز جاری کرنے کا فیصلہ کیا ہے اور متعلقہ اداروں کو ہدایت کی گئی ہے کہ وہ کام کی رفتار تیز کریں تاکہ عوام کو ریلیف مل سکے
کراچی شہر کے مختلف علاقوں میں پانی کی قلت کے باعث شہریوں کو شدید مشکلات کا سامنا ہے واٹر بورڈ حکام کا کہنا ہے کہ جلد مسئلہ حل کر لیا جائے گا
اسلام آباد وفاقی حکومت نے ملک بھر میں ترقیاتی منصوبوں کے لئے فنڈز جاری کرنے کا فیصلہ کیا ہے اور متعلقہ اداروں کو ہدایت کی گئی ہے کہ وہ کام کی رفتار تیز کریں تاکہ عوام کو ریلیف مل سکے
کراچی شہر کے مختلف علاقوں میں پانی کی قلت کے باعث شہریوں کو شدید مشکلات کا سامنا ہے واٹر بورڈ حکام کا کہنا ہے کہ جلد مسئلہ حل کر لیا جائے گا
اسلام آباد وفاقی حکومت نے ملک بھر میں ترقیاتی منصوبوں کے لئے فنڈز جاری کرنے کا فیصلہ کیا ہے اور متعلقہ اداروں کو ہدایت کی گئی ہے کہ وہ کام کی رفتار تیز کریں تاکہ عوام کو ریلیف مل سکے
کراچی شہر کے مختلف علاقوں میں پانی کی قلت کے باعث شہریوں کو شدید مشکلات کا سامنا ہے واٹر بورڈ حکام کا کہنا ہے کہ جلد مسئلہ حل کر لیا جائے گا
اسلام آباد وفاقی حکومت نے ملک بھر میں ترقیاتی منصوبوں کے لئے فنڈز جاری کرنے کا فیصلہ کیا ہے اور متعلقہ اداروں کو ہدایت کی گئی ہے کہ وہ کام کی رفتار تیز کریں تاکہ عوام کو ریلیف مل سکے
کراچی شہر کے مختلف علاقوں میں پانی کی قلت کے باعث شہریوں کو شدید مشکلات کا سامنا ہے واٹر بورڈ حکام کا کہنا ہے کہ جلد مسئلہ حل کر لیا جائے گا
اسلام آباد وفاقی حکومت نے ملک بھر میں ترقیاتی منصوبوں کے لئے فنڈز جاری کرنے کا فیصلہ کیا ہے اور متعلقہ اداروں کو ہدایت کی گئی ہے کہ وہ کام کی رفتار تیز کریں تاکہ عوام کو ریلیف مل سکے
کراچی شہر کے مختلف علاقوں میں پانی کی قلت کے باعث شہریوں کو شدید مشکلات کا سامنا ہے واٹر بورڈ حکام کا کہنا ہے کہ جلد مسئلہ حل کر لیا جائے گا
اسلام آباد وفاقی حکومت نے ملک بھر میں ترقیاتی منصوبوں کے لئے فنڈز جاری کرنے کا فیصلہ کیا ہے اور متعلقہ اداروں کو ہدایت کی گئی ہے کہ وہ کام کی رفتار تیز کریں تاکہ عوام کو ریلیف مل سکے
کراچی شہر کے مختلف علاقوں میں پانی کی قلت کے باعث شہریوں کو شدید مشکلات کا سامنا ہے واٹر بورڈ حکام کا کہنا ہے کہ جلد مسئلہ حل کر لیا جائے گا
اسلام آباد وفاقی حکومت نے ملک بھر میں ترقیاتی منصوبوں کے لئے فنڈز جاری کرنے کا فیصلہ کیا ہے اور متعلقہ اداروں کو ہدایت کی گئی ہے کہ وہ کام کی رفتار تیز کریں تاکہ عوام کو ریلیف مل سکے
کراچی شہر کے مختلف علاقوں میں پانی کی قلت کے باعث شہریوں کو شدید مشکلات کا سامنا ہے واٹر بورڈ حکام کا کہنا ہے کہ جلد مسئلہ حل کر لیا جائے گا
اسلام آباد وفاقی حکومت نے ملک بھر میں ترقیاتی منصوبوں کے لئے فنڈز جاری کرنے کا فیصلہ کیا ہے اور متعلقہ اداروں کو ہدایت کی گئی ہے کہ وہ کام کی رفتار تیز کریں تاکہ عوام کو ریلیف مل سکے
کراچی شہر کے مختلف علاقوں میں پانی کی قلت کے باعث شہریوں کو شدید مشکلات کا سامنا ہے واٹر بورڈ حکام کا کہنا ہے کہ جلد مسئلہ حل کر لیا جائے گا
اسلام آباد وفاقی حکومت نے ملک بھر میں ترقیاتی منصوبوں کے لئے فنڈز جاری کرنے کا فیصلہ کیا ہے اور متعلقہ اداروں کو ہدایت کی گئی ہے کہ وہ کام کی رفتار تیز کریں تاکہ عوام کو ریلیف مل سکے
چیپٹر 2
آنکھوں کی تشخیص
کراچی شہر کے مختلف علاقوں میں پانی کی قلت کے باعث شہریوں کو شدید مشکلات کا سامنا ہے واٹر بورڈ حکام کا کہنا ہے کہ جلد مسئلہ حل کر لیا جائے گا
